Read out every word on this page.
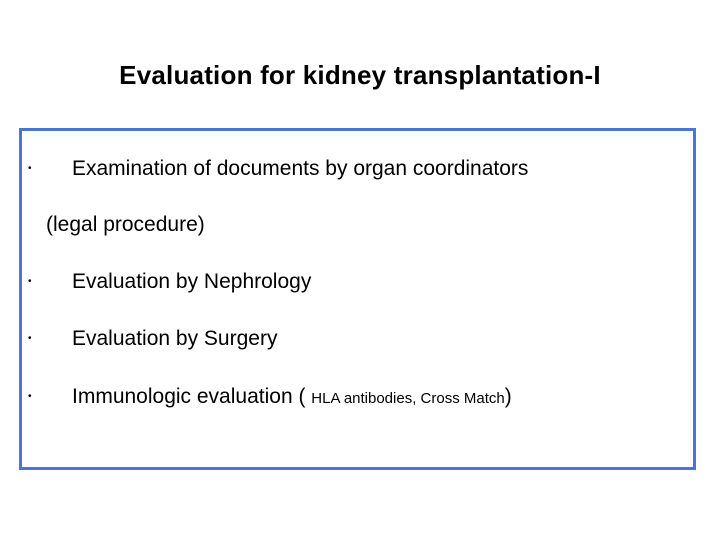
Evaluation for kidney transplantation-I
• Examination of documents by organ coordinators
(legal procedure)
• Evaluation by Nephrology
• Evaluation by Surgery
• Immunologic evaluation ( HLA antibodies, Cross Match)
